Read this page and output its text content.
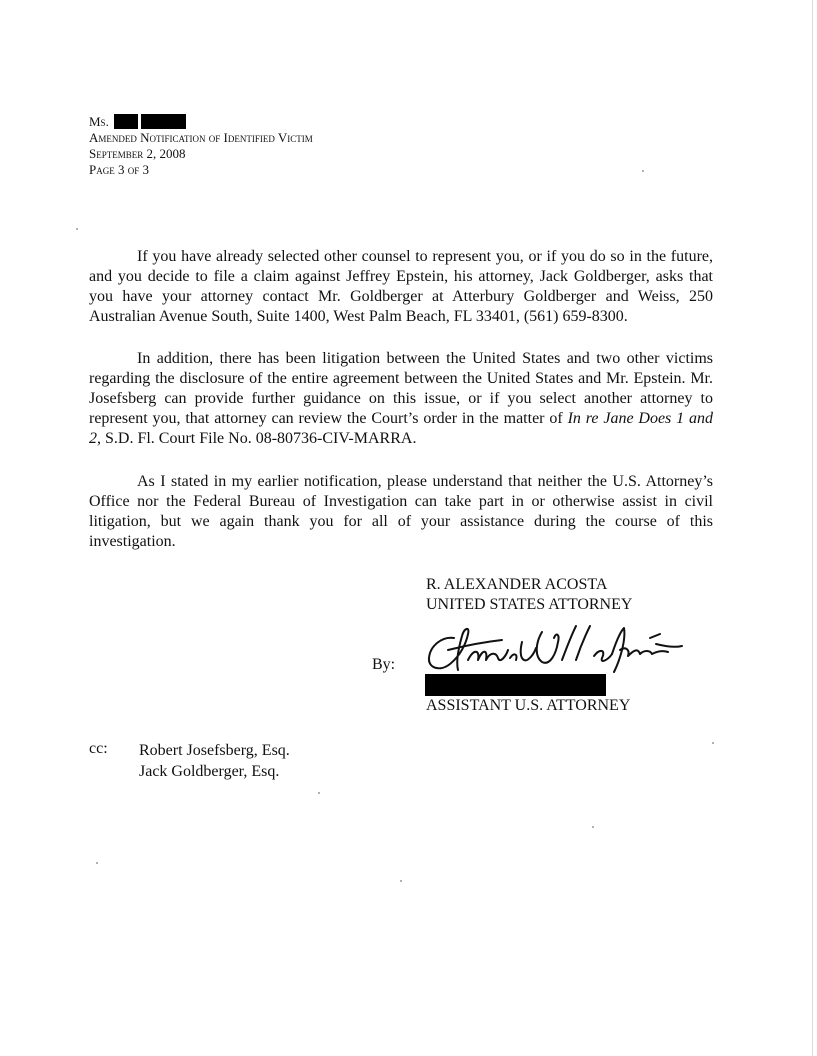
Ms.
Amended Notification of Identified Victim
September 2, 2008
Page 3 of 3
If you have already selected other counsel to represent you, or if you do so in the future, and you decide to file a claim against Jeffrey Epstein, his attorney, Jack Goldberger, asks that you have your attorney contact Mr. Goldberger at Atterbury Goldberger and Weiss, 250 Australian Avenue South, Suite 1400, West Palm Beach, FL 33401, (561) 659-8300.
In addition, there has been litigation between the United States and two other victims regarding the disclosure of the entire agreement between the United States and Mr. Epstein. Mr. Josefsberg can provide further guidance on this issue, or if you select another attorney to represent you, that attorney can review the Court’s order in the matter of In re Jane Does 1 and 2, S.D. Fl. Court File No. 08-80736-CIV-MARRA.
As I stated in my earlier notification, please understand that neither the U.S. Attorney’s Office nor the Federal Bureau of Investigation can take part in or otherwise assist in civil litigation, but we again thank you for all of your assistance during the course of this investigation.
R. ALEXANDER ACOSTA
UNITED STATES ATTORNEY
By:
ASSISTANT U.S. ATTORNEY
cc: Robert Josefsberg, Esq.
Jack Goldberger, Esq.
